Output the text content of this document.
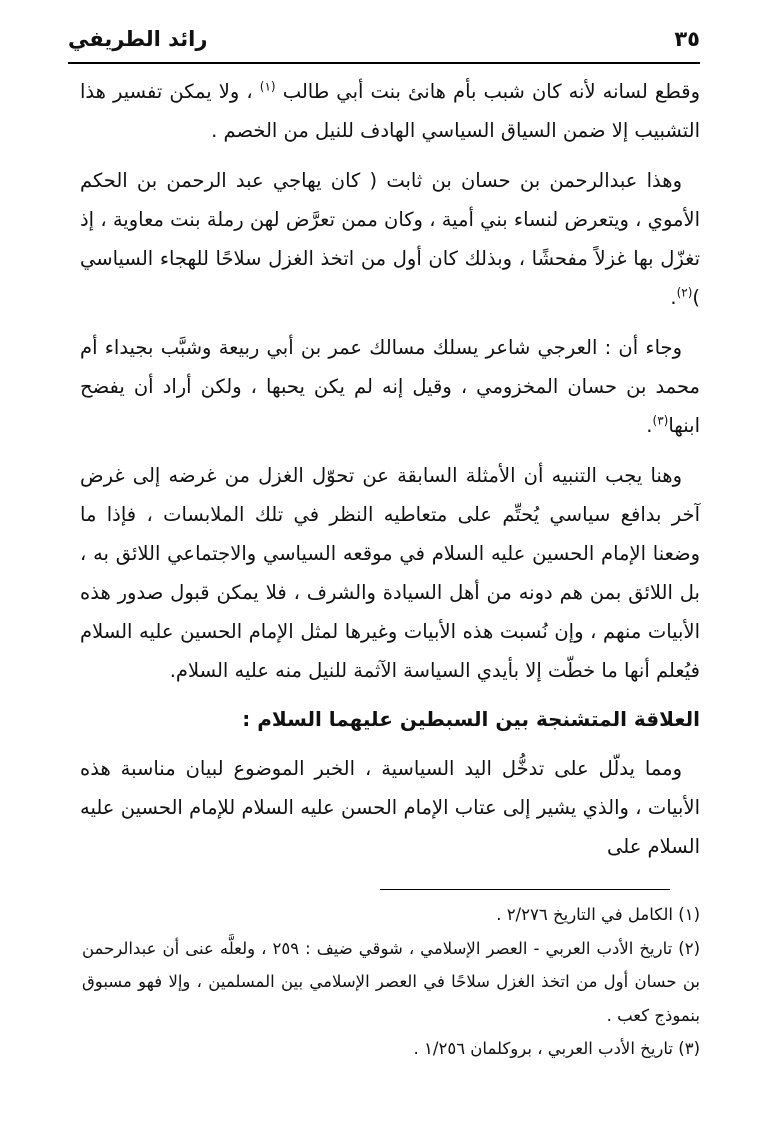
٣٥
رائد الطريفي

وقطع لسانه لأنه كان شبب بأم هانئ بنت أبي طالب $^{(١)}$ ، ولا يمكن تفسير هذا التشبيب إلا ضمن السياق السياسي الهادف للنيل من الخصم .

وهذا عبدالرحمن بن حسان بن ثابت ( كان يهاجي عبد الرحمن بن الحكم الأموي ، ويتعرض لنساء بني أمية ، وكان ممن تعرَّض لهن رملة بنت معاوية ، إذ تغزّل بها غزلاً مفحشًا ، وبذلك كان أول من اتخذ الغزل سلاحًا للهجاء السياسي )$^{(٢)}$.

وجاء أن : العرجي شاعر يسلك مسالك عمر بن أبي ربيعة وشبَّب بجيداء أم محمد بن حسان المخزومي ، وقيل إنه لم يكن يحبها ، ولكن أراد أن يفضح ابنها$^{(٣)}$.

وهنا يجب التنبيه أن الأمثلة السابقة عن تحوّل الغزل من غرضه إلى غرض آخر بدافع سياسي يُحتِّم على متعاطيه النظر في تلك الملابسات ، فإذا ما وضعنا الإمام الحسين عليه السلام في موقعه السياسي والاجتماعي اللائق به ، بل اللائق بمن هم دونه من أهل السيادة والشرف ، فلا يمكن قبول صدور هذه الأبيات منهم ، وإن نُسبت هذه الأبيات وغيرها لمثل الإمام الحسين عليه السلام فيُعلم أنها ما خطّت إلا بأيدي السياسة الآثمة للنيل منه عليه السلام.

العلاقة المتشنجة بين السبطين عليهما السلام :

ومما يدلّل على تدخُّل اليد السياسية ، الخبر الموضوع لبيان مناسبة هذه الأبيات ، والذي يشير إلى عتاب الإمام الحسن عليه السلام للإمام الحسين عليه السلام على

(١) الكامل في التاريخ ٢/٢٧٦ .

(٢) تاريخ الأدب العربي - العصر الإسلامي ، شوقي ضيف : ٢٥٩ ، ولعلَّه عنى أن عبدالرحمن بن حسان أول من اتخذ الغزل سلاحًا في العصر الإسلامي بين المسلمين ، وإلا فهو مسبوق بنموذج كعب .

(٣) تاريخ الأدب العربي ، بروكلمان ١/٢٥٦ .
